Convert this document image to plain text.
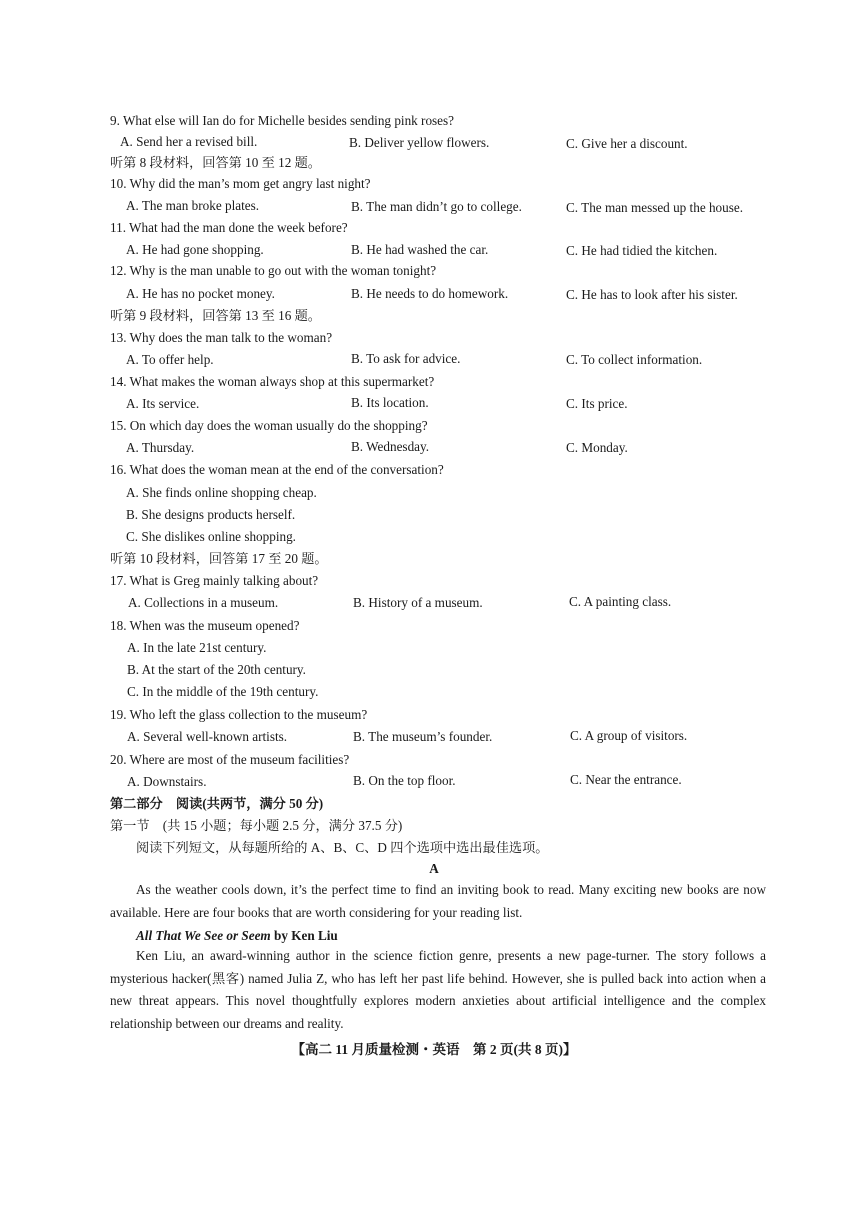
9. What else will Ian do for Michelle besides sending pink roses?
A. Send her a revised bill.	B. Deliver yellow flowers.	C. Give her a discount.
听第 8 段材料，回答第 10 至 12 题。
10. Why did the man’s mom get angry last night?
A. The man broke plates.	B. The man didn’t go to college.	C. The man messed up the house.
11. What had the man done the week before?
A. He had gone shopping.	B. He had washed the car.	C. He had tidied the kitchen.
12. Why is the man unable to go out with the woman tonight?
A. He has no pocket money.	B. He needs to do homework.	C. He has to look after his sister.
听第 9 段材料，回答第 13 至 16 题。
13. Why does the man talk to the woman?
A. To offer help.	B. To ask for advice.	C. To collect information.
14. What makes the woman always shop at this supermarket?
A. Its service.	B. Its location.	C. Its price.
15. On which day does the woman usually do the shopping?
A. Thursday.	B. Wednesday.	C. Monday.
16. What does the woman mean at the end of the conversation?
A. She finds online shopping cheap.
B. She designs products herself.
C. She dislikes online shopping.
听第 10 段材料，回答第 17 至 20 题。
17. What is Greg mainly talking about?
A. Collections in a museum.	B. History of a museum.	C. A painting class.
18. When was the museum opened?
A. In the late 21st century.
B. At the start of the 20th century.
C. In the middle of the 19th century.
19. Who left the glass collection to the museum?
A. Several well-known artists.	B. The museum’s founder.	C. A group of visitors.
20. Where are most of the museum facilities?
A. Downstairs.	B. On the top floor.	C. Near the entrance.
第二部分　阅读(共两节，满分 50 分)
第一节　(共 15 小题；每小题 2.5 分，满分 37.5 分)
阅读下列短文，从每题所给的 A、B、C、D 四个选项中选出最佳选项。
A

As the weather cools down, it’s the perfect time to find an inviting book to read. Many exciting new books are now available. Here are four books that are worth considering for your reading list.

All That We See or Seem by Ken Liu

Ken Liu, an award-winning author in the science fiction genre, presents a new page-turner. The story follows a mysterious hacker(黑客) named Julia Z, who has left her past life behind. However, she is pulled back into action when a new threat appears. This novel thoughtfully explores modern anxieties about artificial intelligence and the complex relationship between our dreams and reality.

【高二 11 月质量检测・英语　第 2 页(共 8 页)】
